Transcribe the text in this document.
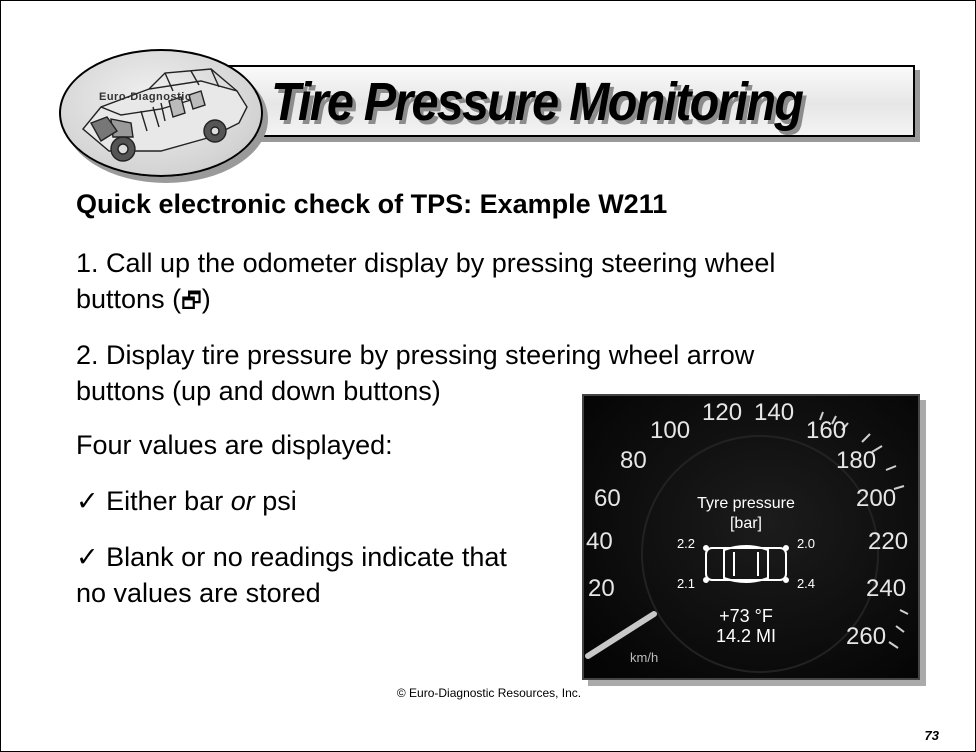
Tire Pressure Monitoring
Euro-Diagnostic
Quick electronic check of TPS: Example W211
1. Call up the odometer display by pressing steering wheel
buttons (🗗)
2. Display tire pressure by pressing steering wheel arrow
buttons (up and down buttons)
Four values are displayed:
✓ Either bar or psi
✓ Blank or no readings indicate that
no values are stored	20
40
60
80
100
120 140
160
180
200
220
240
260
km/h
Tyre pressure
[bar]
2.2	2.0
2.1	2.4
+73 °F
14.2 MI
© Euro-Diagnostic Resources, Inc.
73
